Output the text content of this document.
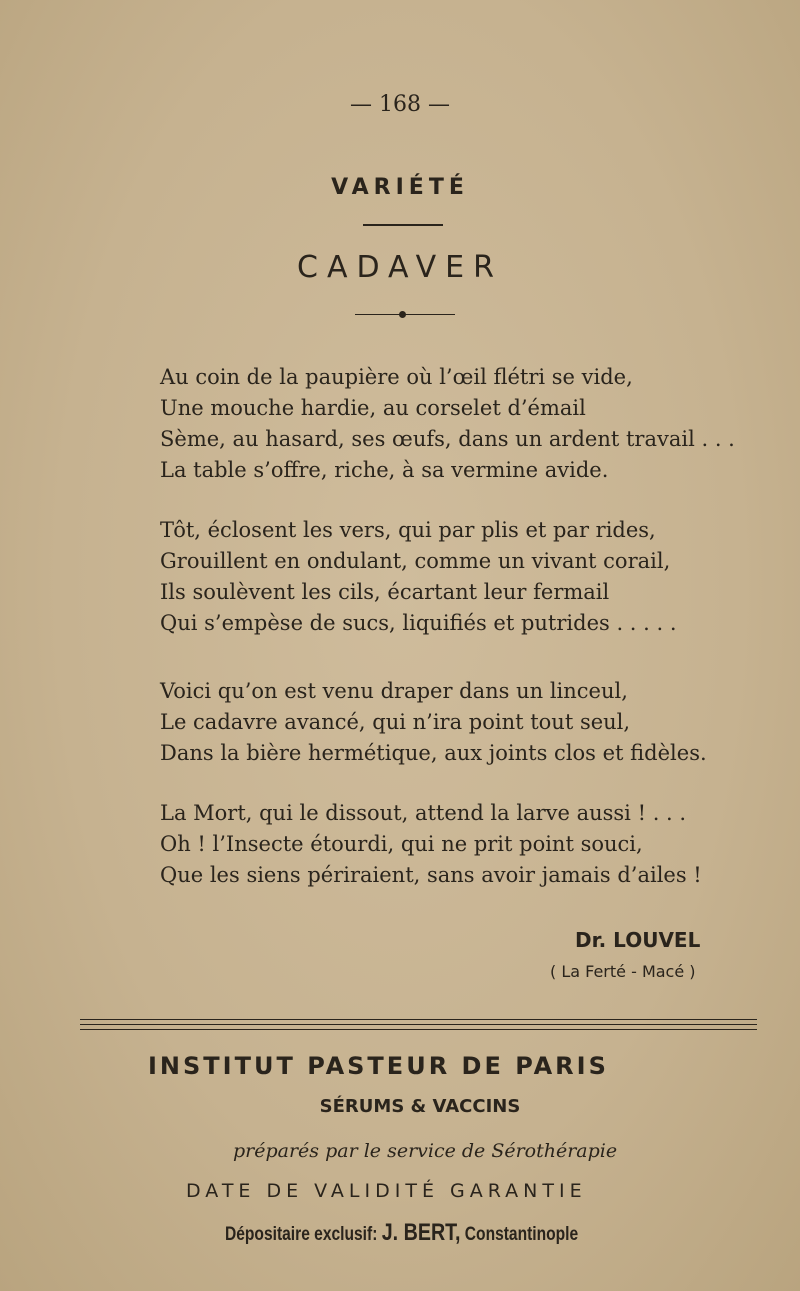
— 168 —
VARIÉTÉ
CADAVER
Au coin de la paupière où l’œil flétri se vide,
Une mouche hardie, au corselet d’émail
Sème, au hasard, ses œufs, dans un ardent travail . . .
La table s’offre, riche, à sa vermine avide.
Tôt, éclosent les vers, qui par plis et par rides,
Grouillent en ondulant, comme un vivant corail,
Ils soulèvent les cils, écartant leur fermail
Qui s’empèse de sucs, liquifiés et putrides . . . . .
Voici qu’on est venu draper dans un linceul,
Le cadavre avancé, qui n’ira point tout seul,
Dans la bière hermétique, aux joints clos et fidèles.
La Mort, qui le dissout, attend la larve aussi ! . . .
Oh ! l’Insecte étourdi, qui ne prit point souci,
Que les siens périraient, sans avoir jamais d’ailes !
Dr. LOUVEL
( La Ferté - Macé )
INSTITUT PASTEUR DE PARIS
SÉRUMS & VACCINS
préparés par le service de Sérothérapie
DATE DE VALIDITÉ GARANTIE
Dépositaire exclusif: J. BERT, Constantinople
